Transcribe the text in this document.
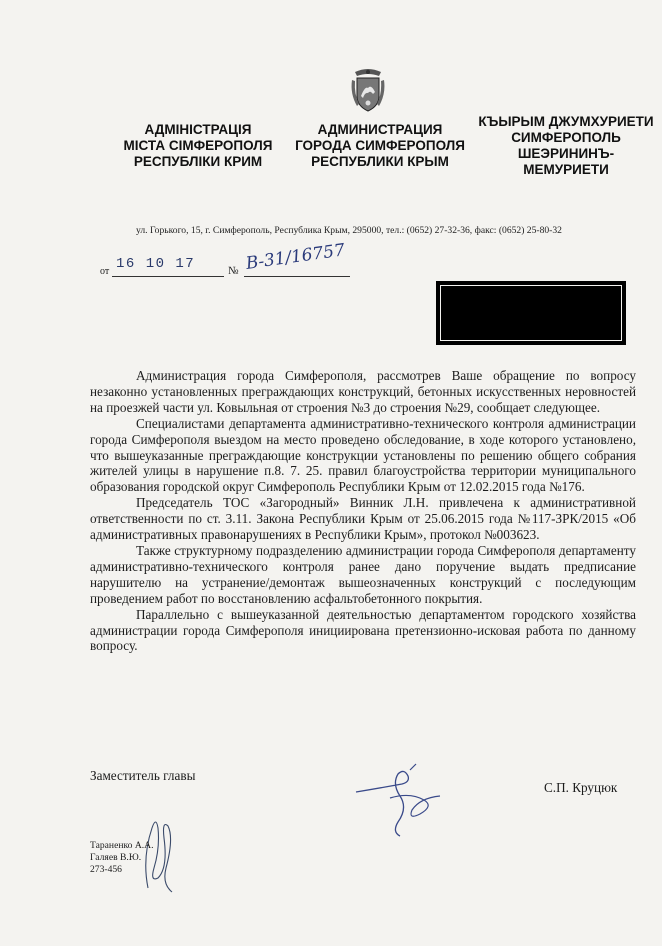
АДМІНІСТРАЦІЯ
МІСТА СІМФЕРОПОЛЯ
РЕСПУБЛІКИ КРИМ
АДМИНИСТРАЦИЯ
ГОРОДА СИМФЕРОПОЛЯ
РЕСПУБЛИКИ КРЫМ
КЪЫРЫМ ДЖУМХУРИЕТИ
СИМФЕРОПОЛЬ
ШЕЭРИНИНЪ-
МЕМУРИЕТИ
ул. Горького, 15, г. Симферополь, Республика Крым, 295000, тел.: (0652) 27-32-36, факс: (0652) 25-80-32
от 16 10 17	№ В-31/16757

Администрация города Симферополя, рассмотрев Ваше обращение по вопросу незаконно установленных преграждающих конструкций, бетонных искусственных неровностей на проезжей части ул. Ковыльная от строения №3 до строения №29, сообщает следующее.

Специалистами департамента административно-технического контроля администрации города Симферополя выездом на место проведено обследование, в ходе которого установлено, что вышеуказанные преграждающие конструкции установлены по решению общего собрания жителей улицы в нарушение п.8. 7. 25. правил благоустройства территории муниципального образования городской округ Симферополь Республики Крым от 12.02.2015 года №176.

Председатель ТОС «Загородный» Винник Л.Н. привлечена к административной ответственности по ст. 3.11. Закона Республики Крым от 25.06.2015 года №117-ЗРК/2015 «Об административных правонарушениях в Республики Крым», протокол №003623.

Также структурному подразделению администрации города Симферополя департаменту административно-технического контроля ранее дано поручение выдать предписание нарушителю на устранение/демонтаж вышеозначенных конструкций с последующим проведением работ по восстановлению асфальтобетонного покрытия.

Параллельно с вышеуказанной деятельностью департаментом городского хозяйства администрации города Симферополя инициирована претензионно-исковая работа по данному вопросу.

Заместитель главы
С.П. Круцюк
Тараненко А.А.
Галяев В.Ю.
273-456
